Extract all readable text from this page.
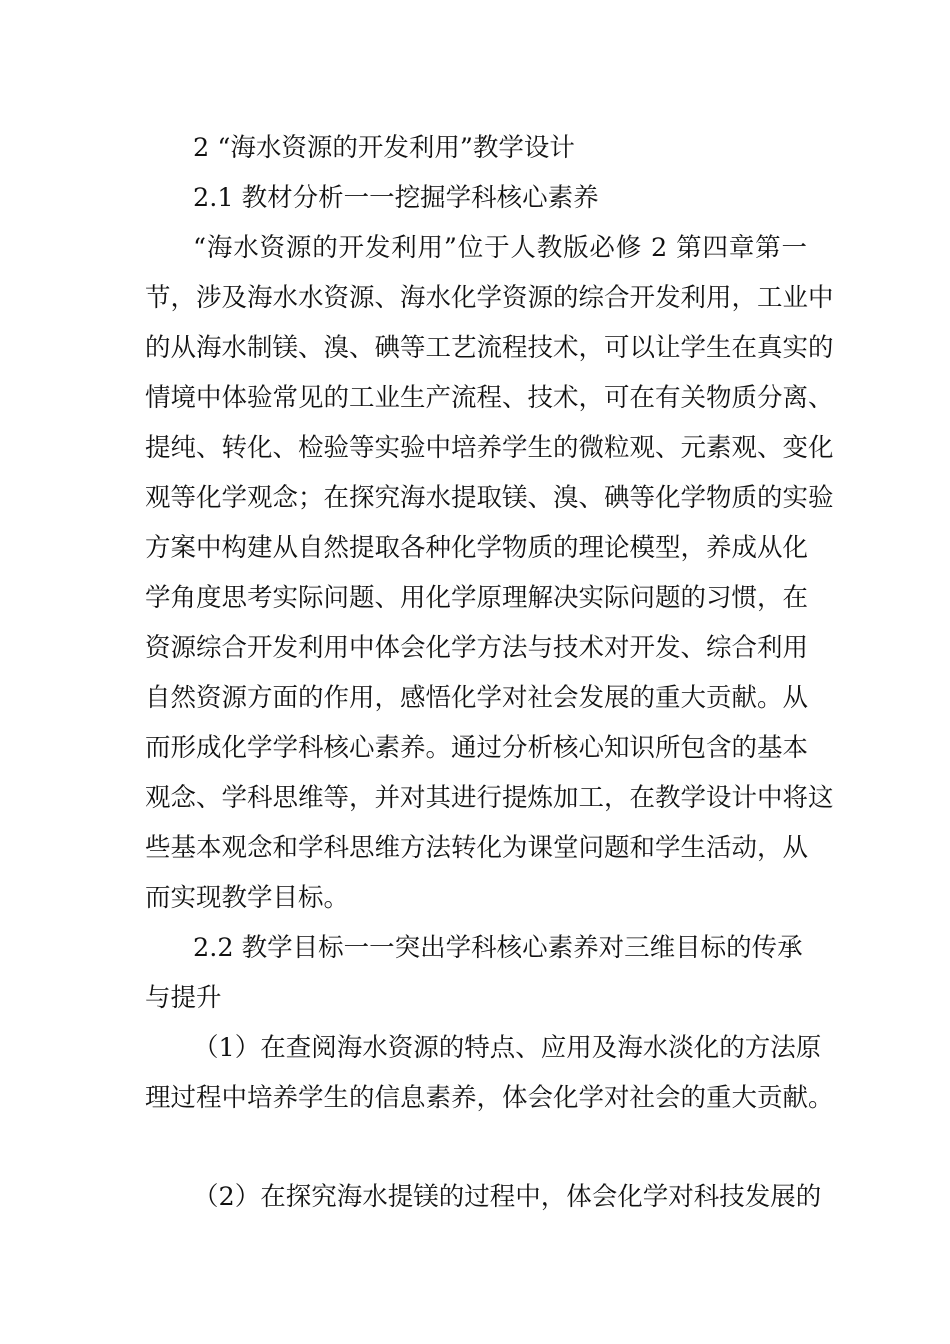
2 “海水资源的开发利用”教学设计
2.1 教材分析一一挖掘学科核心素养
“海水资源的开发利用”位于人教版必修 2 第四章第一
节，涉及海水水资源、海水化学资源的综合开发利用，工业中
的从海水制镁、溴、碘等工艺流程技术，可以让学生在真实的
情境中体验常见的工业生产流程、技术，可在有关物质分离、
提纯、转化、检验等实验中培养学生的微粒观、元素观、变化
观等化学观念；在探究海水提取镁、溴、碘等化学物质的实验
方案中构建从自然提取各种化学物质的理论模型，养成从化
学角度思考实际问题、用化学原理解决实际问题的习惯，在
资源综合开发利用中体会化学方法与技术对开发、综合利用
自然资源方面的作用，感悟化学对社会发展的重大贡献。从
而形成化学学科核心素养。通过分析核心知识所包含的基本
观念、学科思维等，并对其进行提炼加工，在教学设计中将这
些基本观念和学科思维方法转化为课堂问题和学生活动，从
而实现教学目标。
2.2 教学目标一一突出学科核心素养对三维目标的传承
与提升
（1）在查阅海水资源的特点、应用及海水淡化的方法原
理过程中培养学生的信息素养，体会化学对社会的重大贡献。
（2）在探究海水提镁的过程中，体会化学对科技发展的
